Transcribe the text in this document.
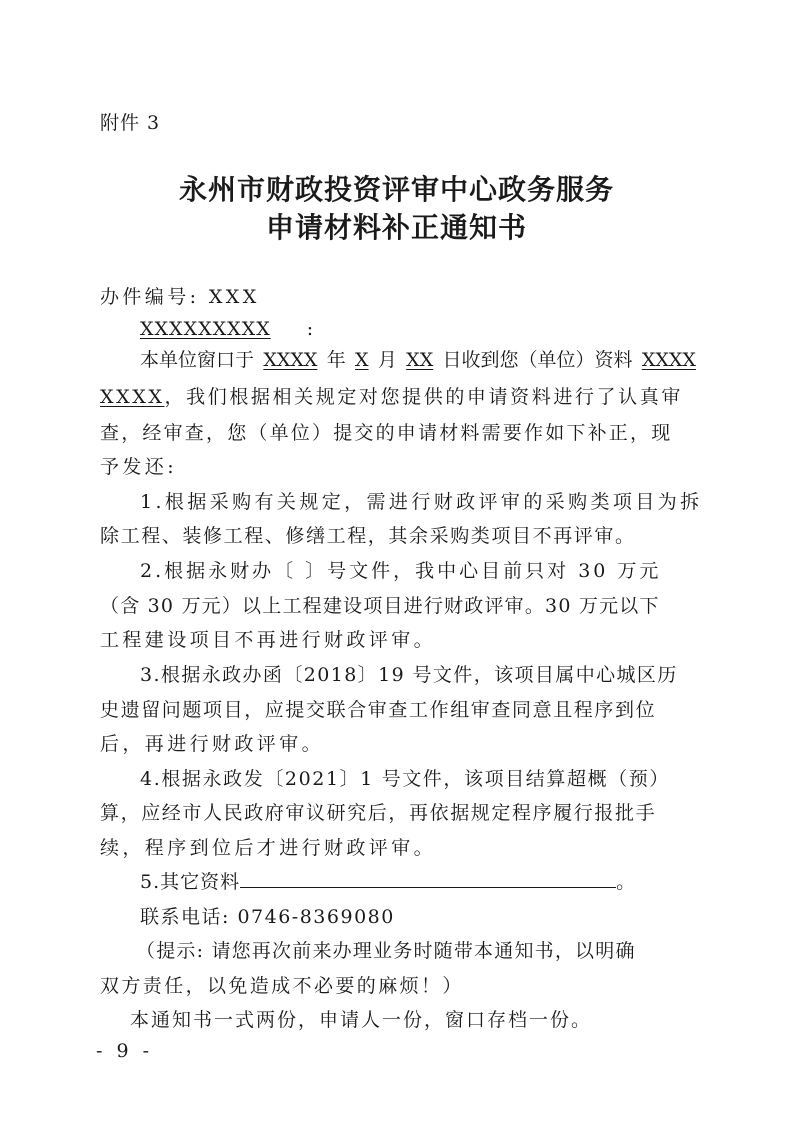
附件 3
永州市财政投资评审中心政务服务
申请材料补正通知书
办件编号: XXX
XXXXXXXXX :
本单位窗口于 XXXX 年 X 月 XX 日收到您（单位）资料 XXXX
XXXX，我们根据相关规定对您提供的申请资料进行了认真审
查，经审查，您（单位）提交的申请材料需要作如下补正，现
予发还:
1.根据采购有关规定，需进行财政评审的采购类项目为拆
除工程、装修工程、修缮工程，其余采购类项目不再评审。
2.根据永财办〔 〕号文件，我中心目前只对 30 万元
（含 30 万元）以上工程建设项目进行财政评审。30 万元以下
工程建设项目不再进行财政评审。
3.根据永政办函〔2018〕19 号文件，该项目属中心城区历
史遗留问题项目，应提交联合审查工作组审查同意且程序到位
后，再进行财政评审。
4.根据永政发〔2021〕1 号文件，该项目结算超概（预）
算，应经市人民政府审议研究后，再依据规定程序履行报批手
续，程序到位后才进行财政评审。
5.其它资料	。
联系电话: 0746-8369080
（提示: 请您再次前来办理业务时随带本通知书，以明确
双方责任，以免造成不必要的麻烦！）
本通知书一式两份，申请人一份，窗口存档一份。
- 9 -
